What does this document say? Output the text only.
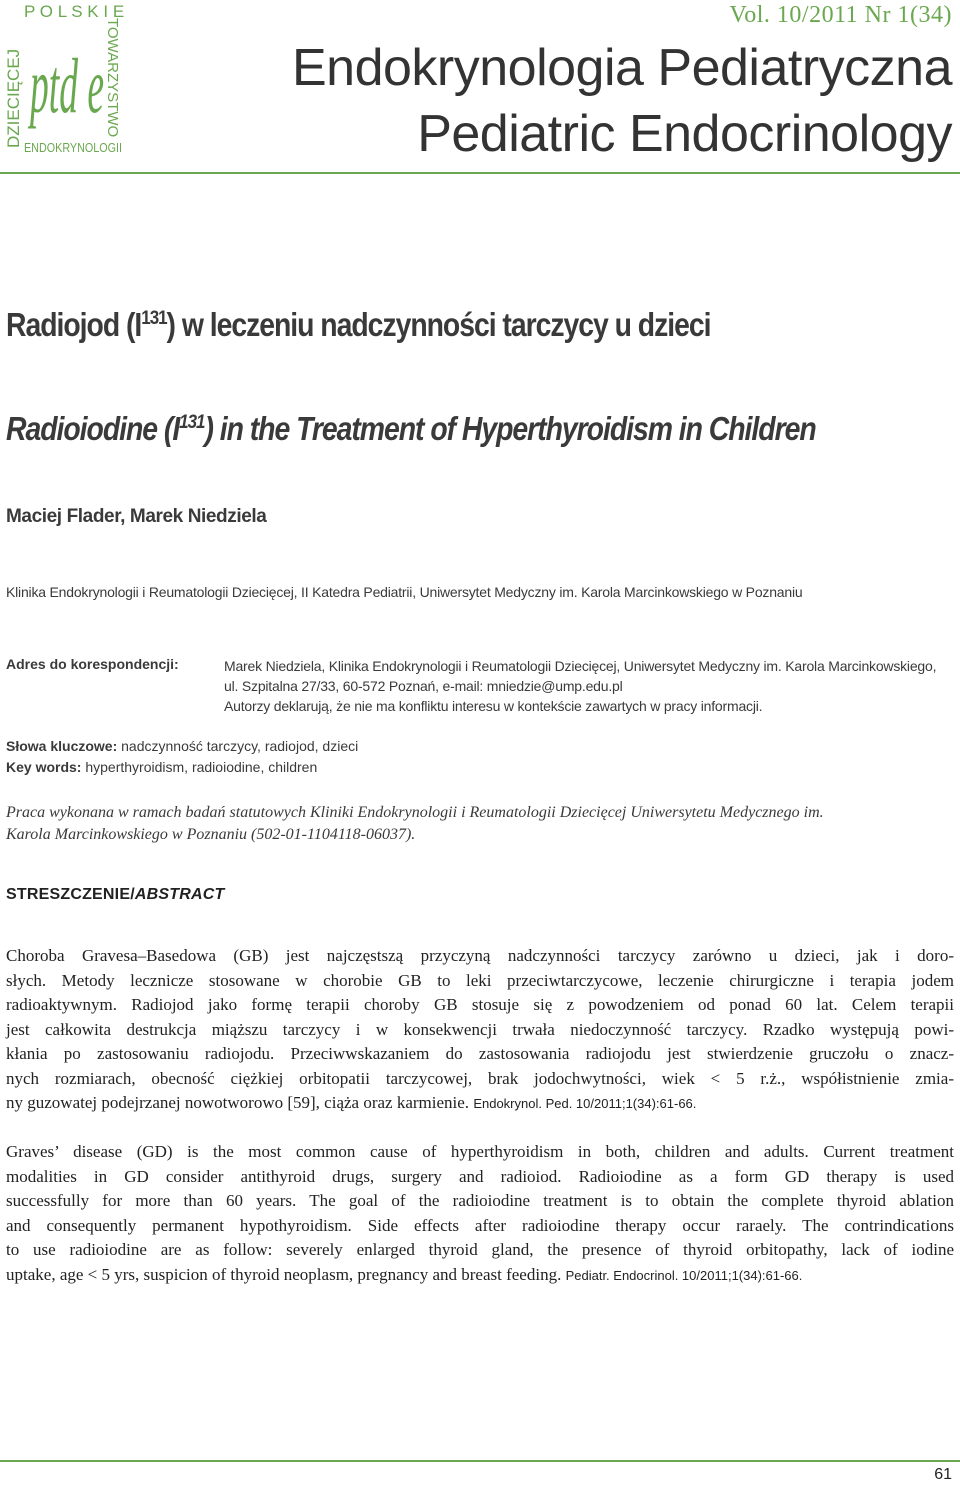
P O L S K I E
DZIECIĘCEJ	TOWARZYSTWO
ptd e
ENDOKRYNOLOGII
Vol. 10/2011 Nr 1(34)
Endokrynologia Pediatryczna
Pediatric Endocrinology
Radiojod $(I^{131})$ w leczeniu nadczynności tarczycy u dzieci
Radioiodine $(I^{131})$ in the Treatment of Hyperthyroidism in Children
Maciej Flader, Marek Niedziela
Klinika Endokrynologii i Reumatologii Dziecięcej, II Katedra Pediatrii, Uniwersytet Medyczny im. Karola Marcinkowskiego w Poznaniu
Adres do korespondencji:	Marek Niedziela, Klinika Endokrynologii i Reumatologii Dziecięcej, Uniwersytet Medyczny im. Karola Marcinkowskiego,
ul. Szpitalna 27/33, 60-572 Poznań, e-mail: mniedzie@ump.edu.pl
Autorzy deklarują, że nie ma konfliktu interesu w kontekście zawartych w pracy informacji.
Słowa kluczowe: nadczynność tarczycy, radiojod, dzieci
Key words: hyperthyroidism, radioiodine, children
Praca wykonana w ramach badań statutowych Kliniki Endokrynologii i Reumatologii Dziecięcej Uniwersytetu Medycznego im.
Karola Marcinkowskiego w Poznaniu (502-01-1104118-06037).
STRESZCZENIE/ABSTRACT
Choroba Gravesa–Basedowa (GB) jest najczęstszą przyczyną nadczynności tarczycy zarówno u dzieci, jak i doro-
słych. Metody lecznicze stosowane w chorobie GB to leki przeciwtarczycowe, leczenie chirurgiczne i terapia jodem
radioaktywnym. Radiojod jako formę terapii choroby GB stosuje się z powodzeniem od ponad 60 lat. Celem terapii
jest całkowita destrukcja miąższu tarczycy i w konsekwencji trwała niedoczynność tarczycy. Rzadko występują powi-
kłania po zastosowaniu radiojodu. Przeciwwskazaniem do zastosowania radiojodu jest stwierdzenie gruczołu o znacz-
nych rozmiarach, obecność ciężkiej orbitopatii tarczycowej, brak jodochwytności, wiek < 5 r.ż., współistnienie zmia-
ny guzowatej podejrzanej nowotworowo [59], ciąża oraz karmienie. Endokrynol. Ped. 10/2011;1(34):61-66.
Graves’ disease (GD) is the most common cause of hyperthyroidism in both, children and adults. Current treatment
modalities in GD consider antithyroid drugs, surgery and radioiod. Radioiodine as a form GD therapy is used
successfully for more than 60 years. The goal of the radioiodine treatment is to obtain the complete thyroid ablation
and consequently permanent hypothyroidism. Side effects after radioiodine therapy occur raraely. The contrindications
to use radioiodine are as follow: severely enlarged thyroid gland, the presence of thyroid orbitopathy, lack of iodine
uptake, age < 5 yrs, suspicion of thyroid neoplasm, pregnancy and breast feeding. Pediatr. Endocrinol. 10/2011;1(34):61-66.
61
